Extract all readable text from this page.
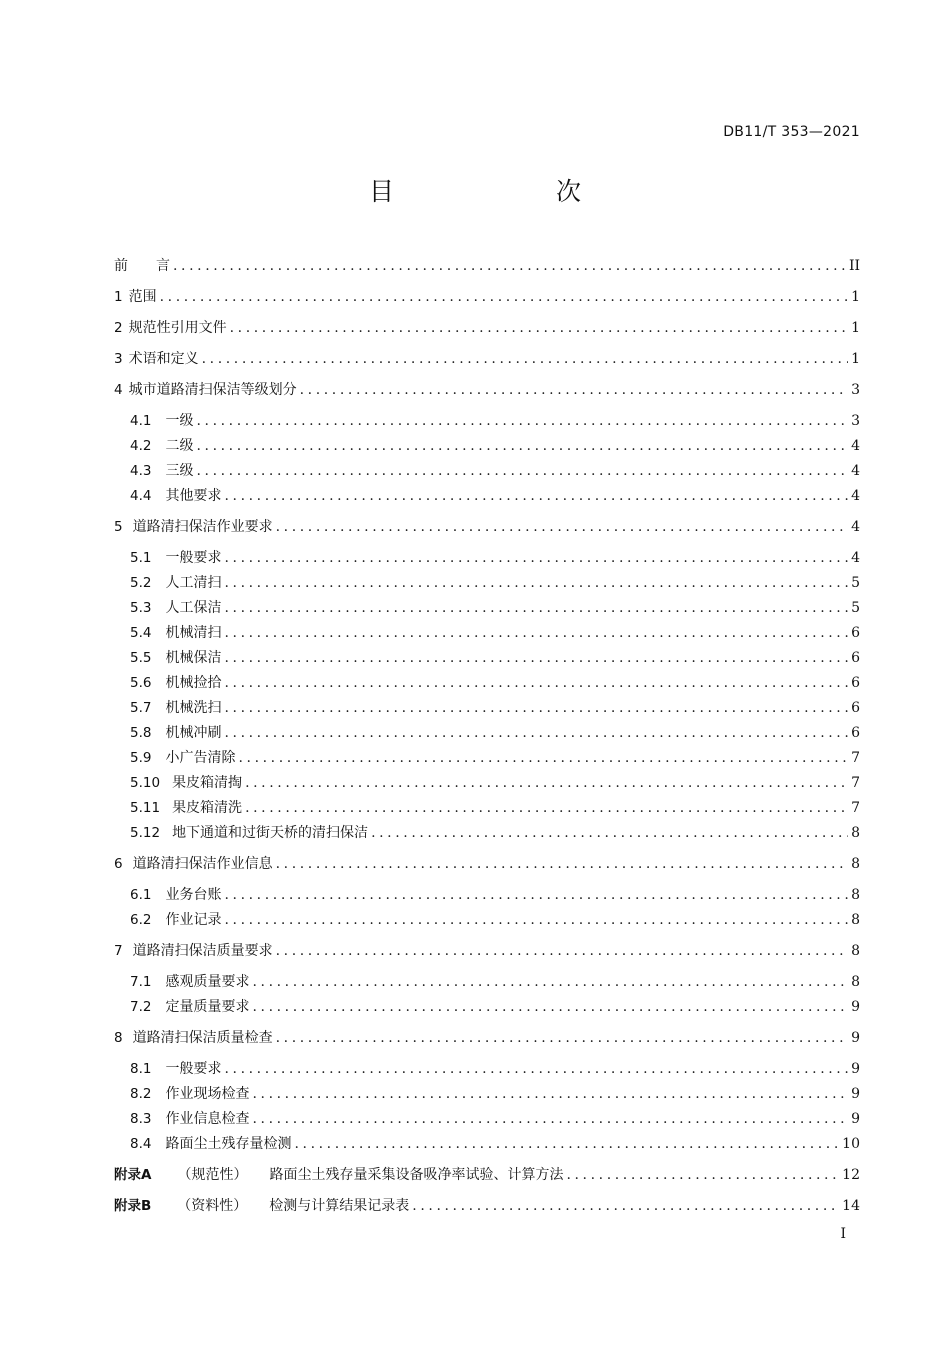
DB11/T 353—2021
目 次
前　　言 .....	II
1 范围 .....	1
2 规范性引用文件 .....	1
3 术语和定义 .....	1
4 城市道路清扫保洁等级划分 .....	3
4.1	一级 .....	3
4.2	二级 .....	4
4.3	三级 .....	4
4.4	其他要求 .....	4
5 道路清扫保洁作业要求 .....	4
5.1	一般要求 .....	4
5.2	人工清扫 .....	5
5.3	人工保洁 .....	5
5.4	机械清扫 .....	6
5.5	机械保洁 .....	6
5.6	机械捡拾 .....	6
5.7	机械洗扫 .....	6
5.8	机械冲刷 .....	6
5.9	小广告清除 .....	7
5.10 果皮箱清掏 .....	7
5.11 果皮箱清洗 .....	7
5.12 地下通道和过街天桥的清扫保洁 .....	8
6 道路清扫保洁作业信息 .....	8
6.1	业务台账 .....	8
6.2	作业记录 .....	8
7 道路清扫保洁质量要求 .....	8
7.1	感观质量要求 .....	8
7.2	定量质量要求 .....	9
8 道路清扫保洁质量检查 .....	9
8.1	一般要求 .....	9
8.2	作业现场检查 .....	9
8.3	作业信息检查 .....	9
8.4	路面尘土残存量检测 .....	10
附录A	（规范性）	路面尘土残存量采集设备吸净率试验、计算方法 .....	12
附录B	（资料性）	检测与计算结果记录表 .....	14
I
